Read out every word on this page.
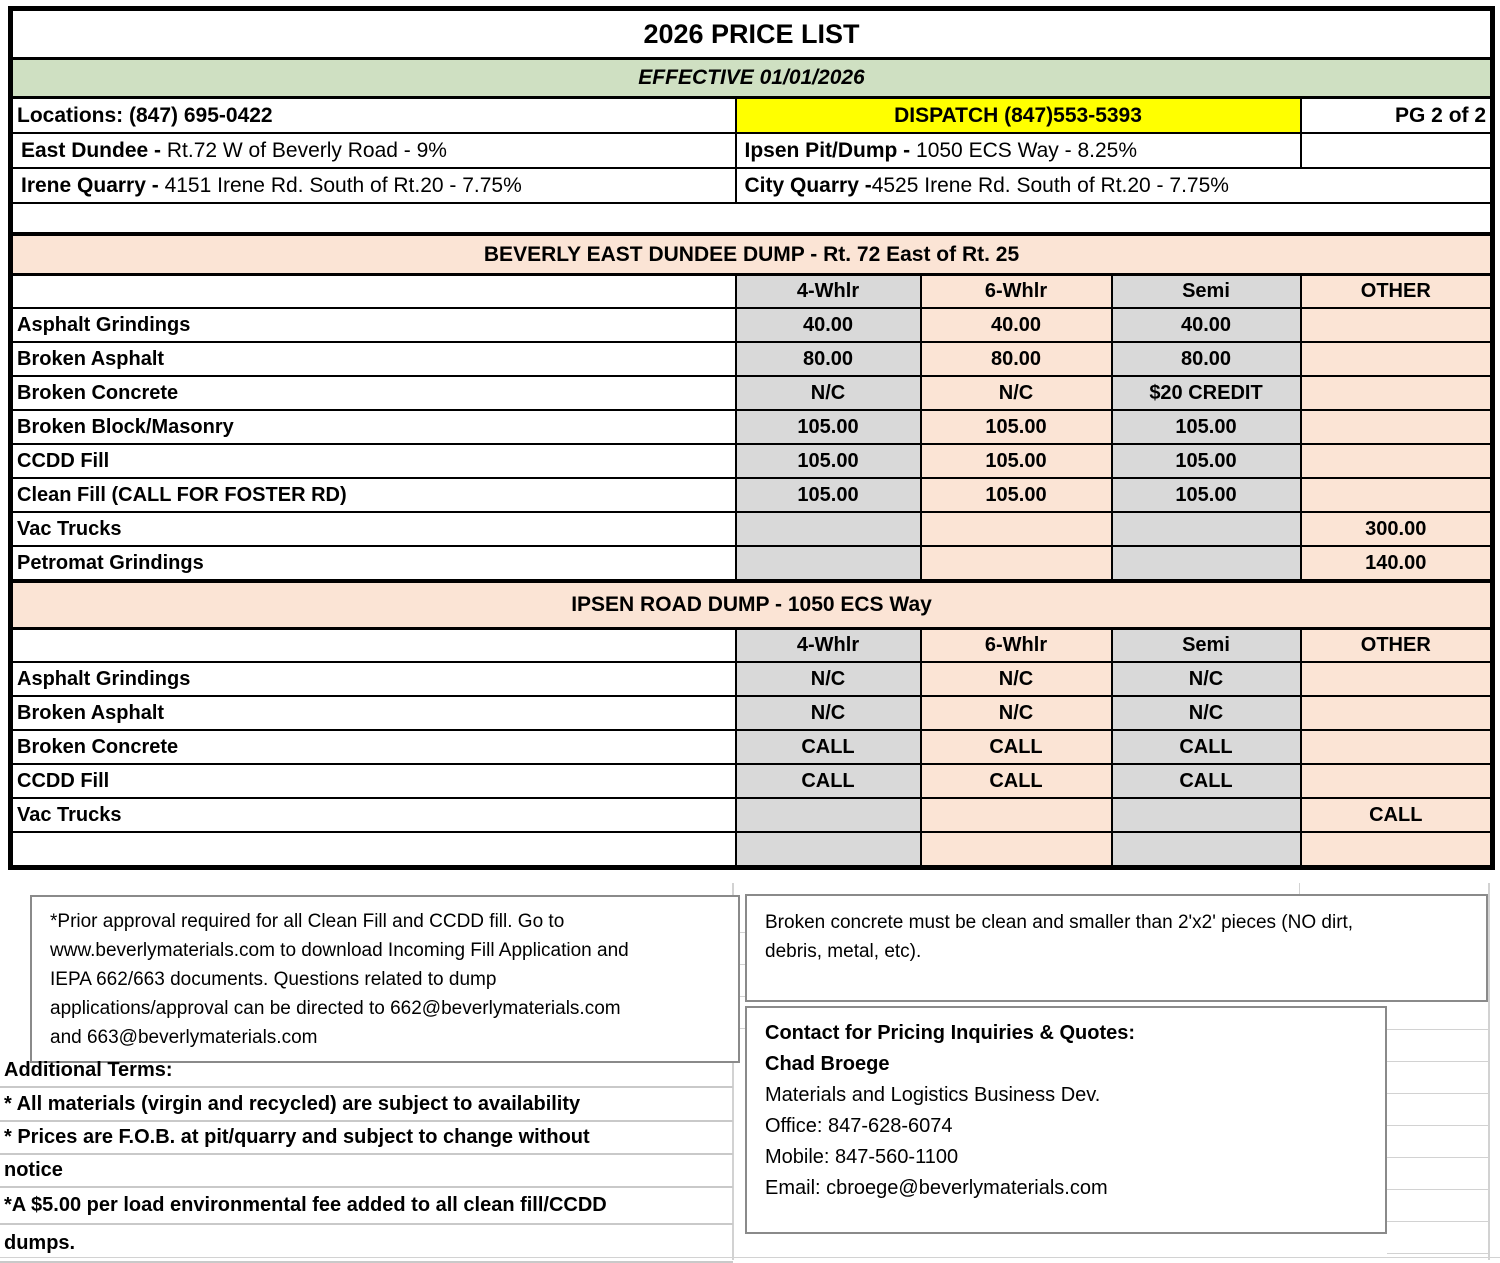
2026 PRICE LIST				
EFFECTIVE 01/01/2026				
Locations: (847) 695-0422	DISPATCH (847)553-5393			PG 2 of 2
East Dundee - Rt.72 W of Beverly Road - 9%	Ipsen Pit/Dump - 1050 ECS Way - 8.25%			
Irene Quarry - 4151 Irene Rd. South of Rt.20 - 7.75%	City Quarry -4525 Irene Rd. South of Rt.20 - 7.75%			

BEVERLY EAST DUNDEE DUMP - Rt. 72 East of Rt. 25				
	4-Whlr	6-Whlr	Semi	OTHER
Asphalt Grindings	40.00	40.00	40.00	
Broken Asphalt	80.00	80.00	80.00	
Broken Concrete	N/C	N/C	$20 CREDIT	
Broken Block/Masonry	105.00	105.00	105.00	
CCDD Fill	105.00	105.00	105.00	
Clean Fill (CALL FOR FOSTER RD)	105.00	105.00	105.00	
Vac Trucks				300.00
Petromat Grindings				140.00
IPSEN ROAD DUMP - 1050 ECS Way				
	4-Whlr	6-Whlr	Semi	OTHER
Asphalt Grindings	N/C	N/C	N/C	
Broken Asphalt	N/C	N/C	N/C	
Broken Concrete	CALL	CALL	CALL	
CCDD Fill	CALL	CALL	CALL	
Vac Trucks				CALL

*Prior approval required for all Clean Fill and CCDD fill. Go to
www.beverlymaterials.com to download Incoming Fill Application and
IEPA 662/663 documents. Questions related to dump
applications/approval can be directed to 662@beverlymaterials.com
and 663@beverlymaterials.com
Broken concrete must be clean and smaller than 2'x2' pieces (NO dirt,
debris, metal, etc).
Contact for Pricing Inquiries & Quotes:
Chad Broege
Materials and Logistics Business Dev.
Office: 847-628-6074
Mobile: 847-560-1100
Email: cbroege@beverlymaterials.com
Additional Terms:
* All materials (virgin and recycled) are subject to availability
* Prices are F.O.B. at pit/quarry and subject to change without
notice
*A $5.00 per load environmental fee added to all clean fill/CCDD
dumps.
